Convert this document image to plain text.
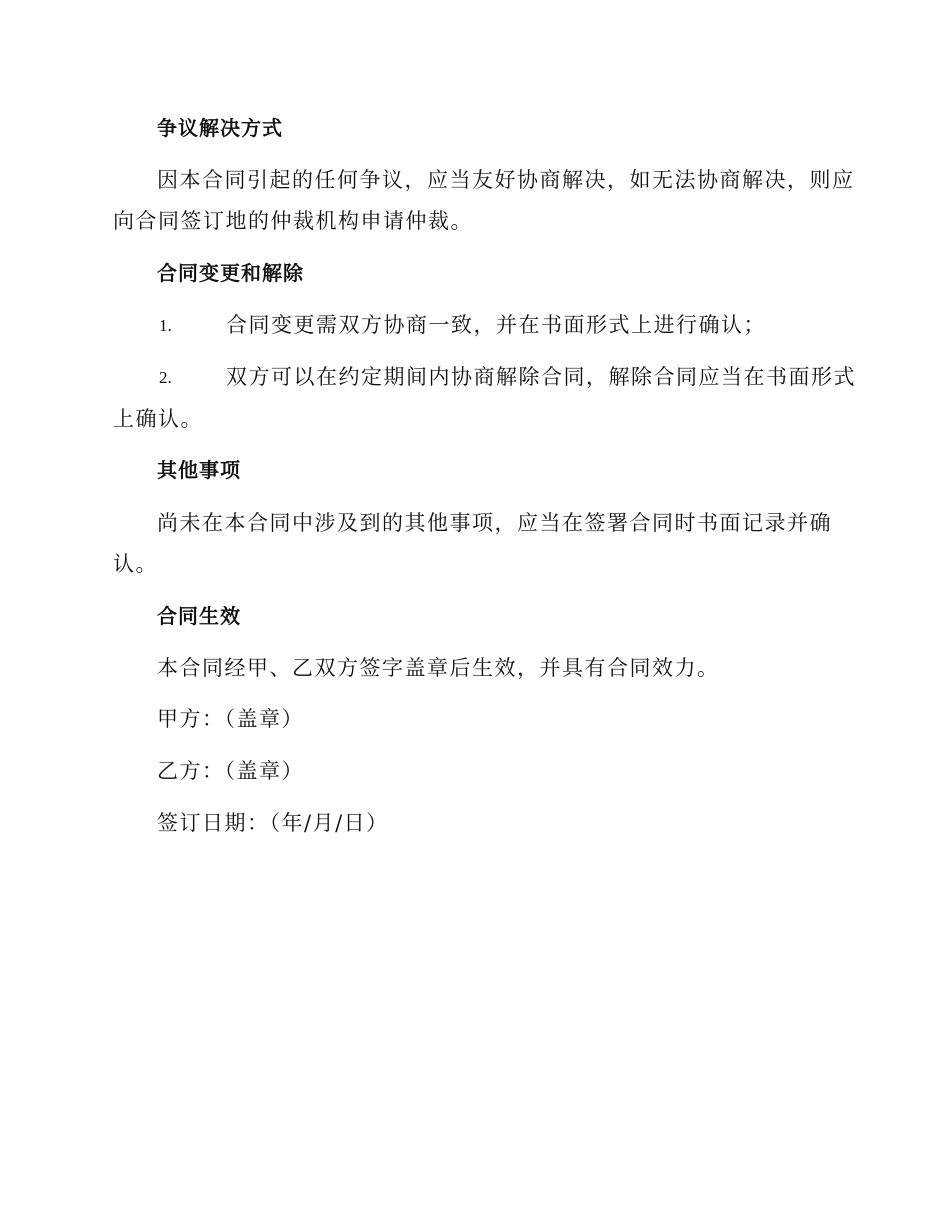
争议解决方式
因本合同引起的任何争议，应当友好协商解决，如无法协商解决，则应
向合同签订地的仲裁机构申请仲裁。
合同变更和解除
1.	合同变更需双方协商一致，并在书面形式上进行确认；
2.	双方可以在约定期间内协商解除合同，解除合同应当在书面形式
上确认。
其他事项
尚未在本合同中涉及到的其他事项，应当在签署合同时书面记录并确
认。
合同生效
本合同经甲、乙双方签字盖章后生效，并具有合同效力。
甲方：（盖章）
乙方：（盖章）
签订日期：（年/月/日）
